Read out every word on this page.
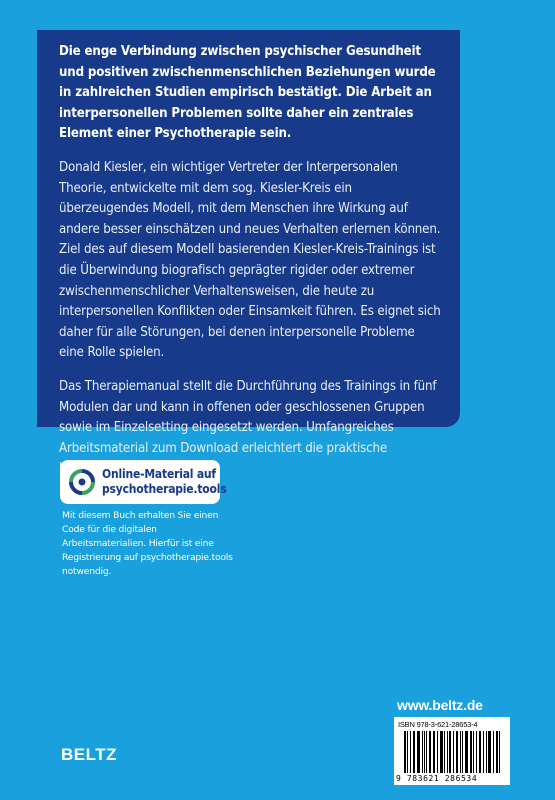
Die enge Verbindung zwischen psychischer Gesundheit und positiven zwischenmenschlichen Beziehungen wurde in zahlreichen Studien empirisch bestätigt. Die Arbeit an interpersonellen Problemen sollte daher ein zentrales Element einer Psychotherapie sein.

Donald Kiesler, ein wichtiger Vertreter der Interpersonalen Theorie, entwickelte mit dem sog. Kiesler-Kreis ein überzeugendes Modell, mit dem Menschen ihre Wirkung auf andere besser einschätzen und neues Verhalten erlernen können. Ziel des auf diesem Modell basierenden Kiesler-Kreis-Trainings ist die Überwindung biografisch geprägter rigider oder extremer zwischenmenschlicher Verhaltensweisen, die heute zu interpersonellen Konflikten oder Einsamkeit führen. Es eignet sich daher für alle Störungen, bei denen interpersonelle Probleme eine Rolle spielen.

Das Therapiemanual stellt die Durchführung des Trainings in fünf Modulen dar und kann in offenen oder geschlossenen Gruppen sowie im Einzelsetting eingesetzt werden. Umfangreiches Arbeitsmaterial zum Download erleichtert die praktische

Online-Material auf
psychotherapie.tools
Mit diesem Buch erhalten Sie einen Code für die digitalen Arbeitsmaterialien. Hierfür ist eine Registrierung auf psychotherapie.tools notwendig.
www.beltz.de
ISBN 978-3-621-28653-4
9 783621 286534
BELTZ
